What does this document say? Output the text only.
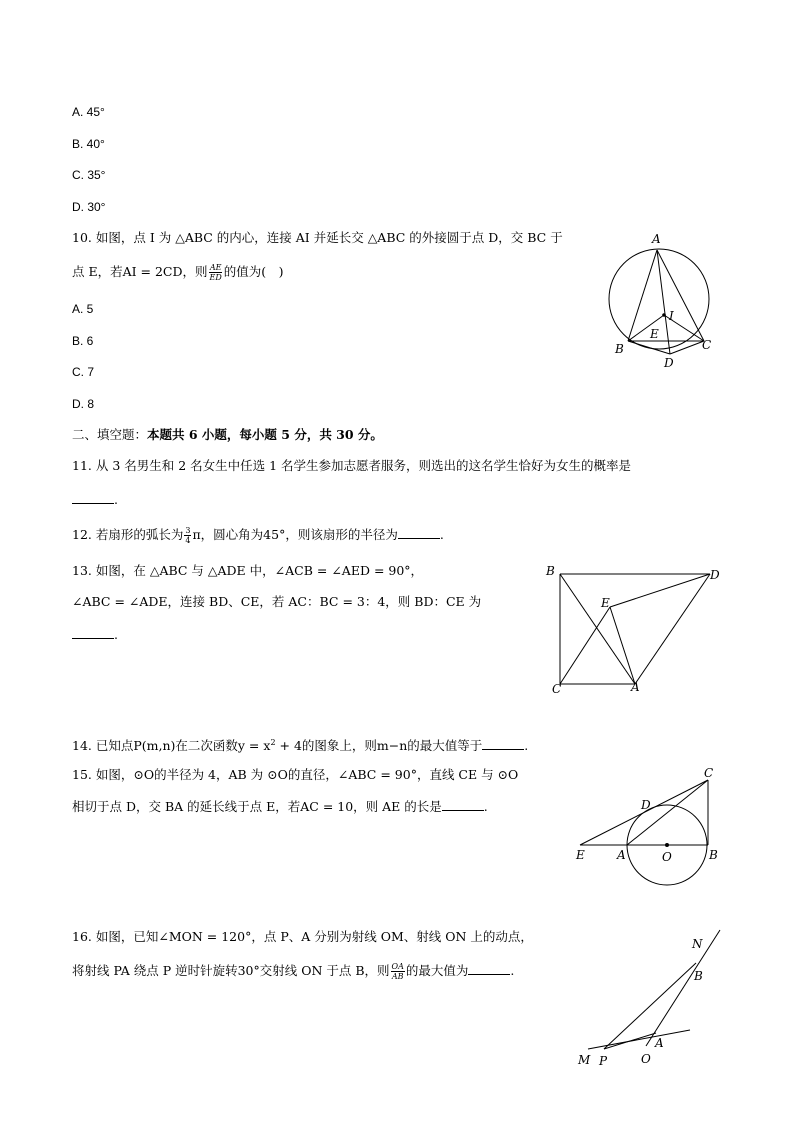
A. 45°
B. 40°
C. 35°
D. 30°
10. 如图，点 I 为 △ABC 的内心，连接 AI 并延长交 △ABC 的外接圆于点 D，交 BC 于
点 E，若AI = 2CD，则 $\frac{AE}{ED}$ 的值为(　)
A. 5
B. 6
C. 7
D. 8
A
B	C
D
E
I
二、填空题：本题共 6 小题，每小题 5 分，共 30 分。
11. 从 3 名男生和 2 名女生中任选 1 名学生参加志愿者服务，则选出的这名学生恰好为女生的概率是
.
12. 若扇形的弧长为 $\frac{3}{4}$ π，圆心角为45°，则该扇形的半径为	.
13. 如图，在 △ABC 与 △ADE 中，∠ACB = ∠AED = 90°，
∠ABC = ∠ADE，连接 BD、CE，若 AC：BC = 3：4，则 BD：CE 为
.
B	D
E
C	A
14. 已知点P(m,n)在二次函数$y = x^2 + 4$的图象上，则m−n的最大值等于	.
15. 如图，⊙O的半径为 4，AB 为 ⊙O的直径，∠ABC = 90°，直线 CE 与 ⊙O
相切于点 D，交 BA 的延长线于点 E，若AC = 10，则 AE 的长是	.
C
D
E	A	O	B
16. 如图，已知∠MON = 120°，点 P、A 分别为射线 OM、射线 ON 上的动点，
将射线 PA 绕点 P 逆时针旋转30°交射线 ON 于点 B，则 $\frac{OA}{AB}$ 的最大值为	.
N
B
A
M P	O
